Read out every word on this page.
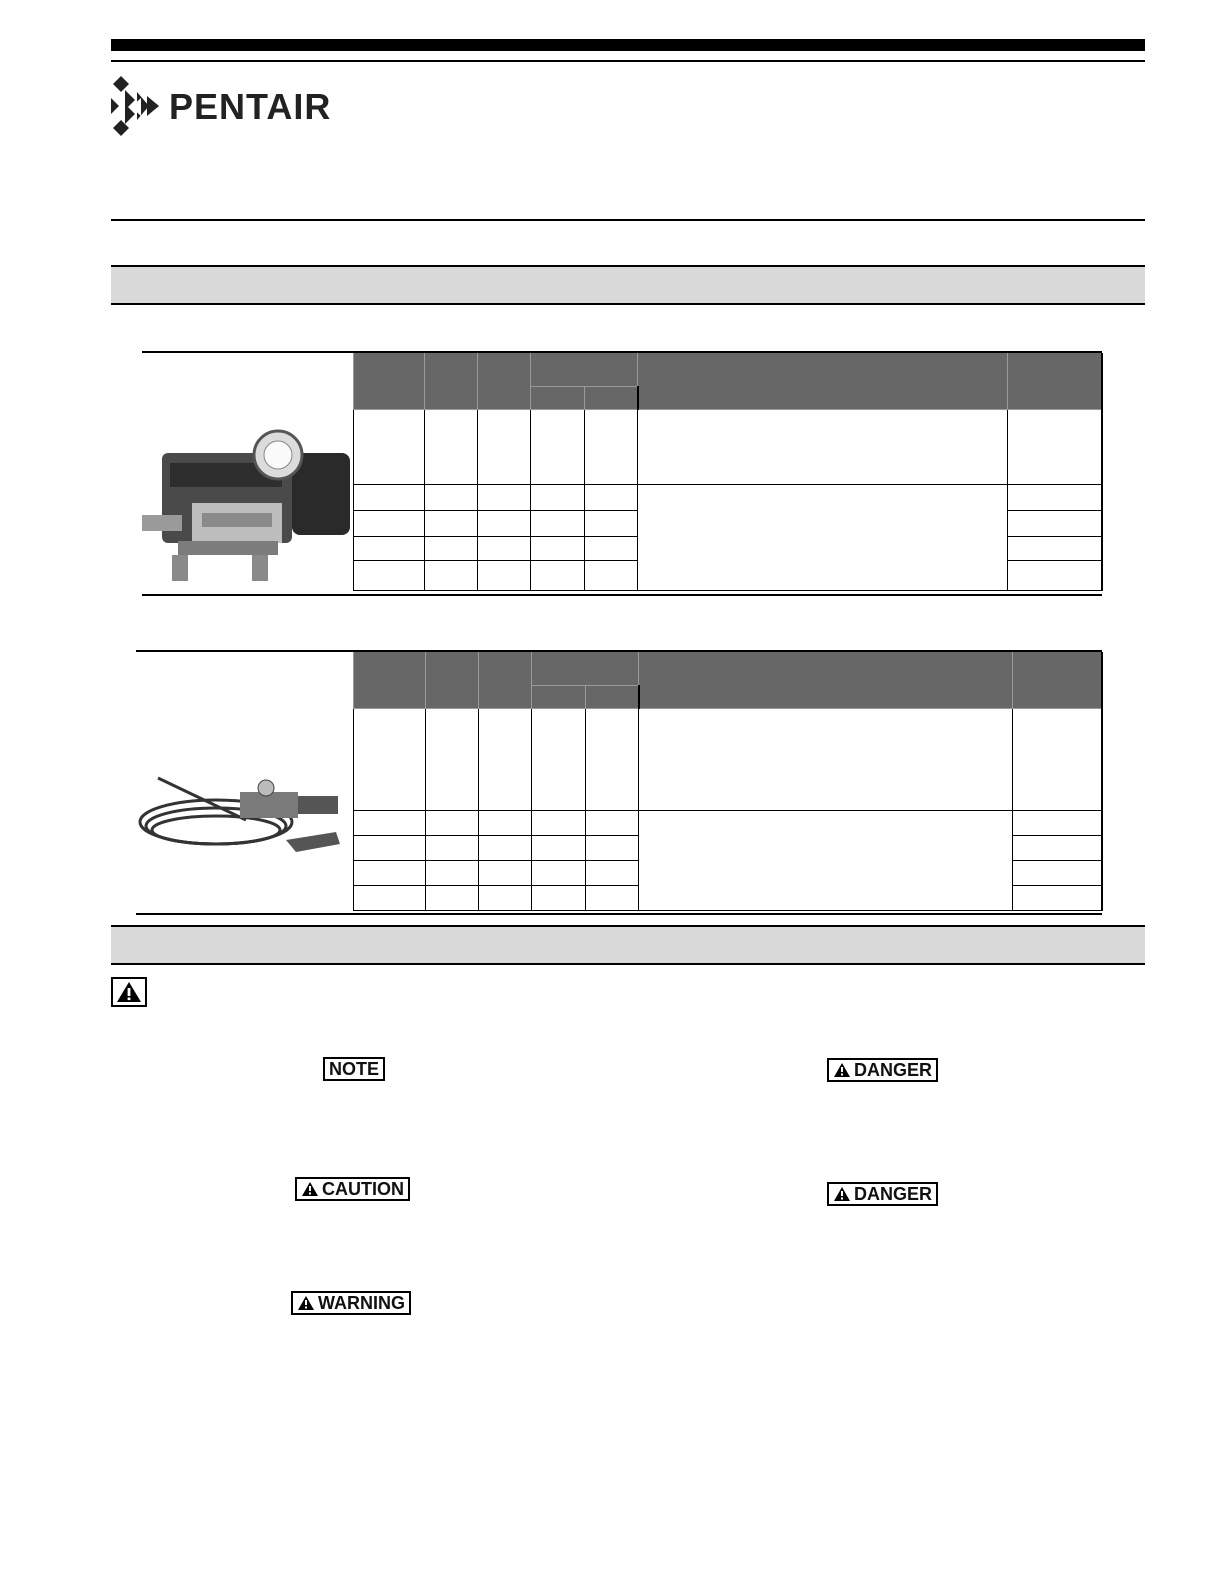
PENTAIR

NOTE
CAUTION
WARNING
DANGER
DANGER
